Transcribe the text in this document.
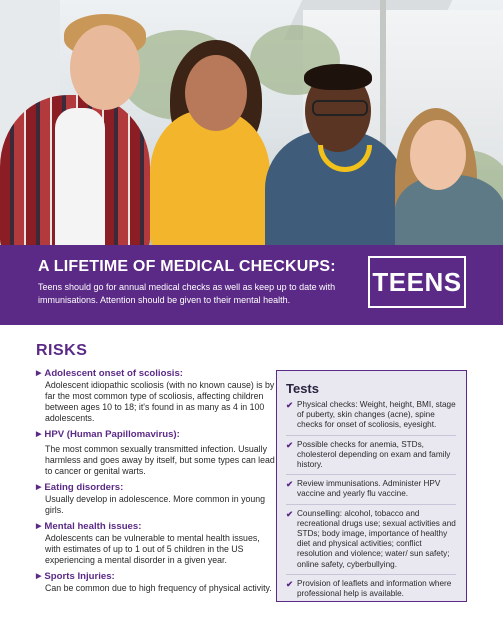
A LIFETIME OF MEDICAL CHECKUPS:

Teens should go for annual medical checks as well as keep up to date with immunisations. Attention should be given to their mental health.

TEENS
RISKS
▶ Adolescent onset of scoliosis:
Adolescent idiopathic scoliosis (with no known cause) is by far the most common type of scoliosis, affecting children between ages 10 to 18; it's found in as many as 4 in 100 adolescents.
▶ HPV (Human Papillomavirus):
The most common sexually transmitted infection. Usually harmless and goes away by itself, but some types can lead to cancer or genital warts.
▶ Eating disorders:
Usually develop in adolescence. More common in young girls.
▶ Mental health issues:
Adolescents can be vulnerable to mental health issues, with estimates of up to 1 out of 5 children in the US experiencing a mental disorder in a given year.
▶ Sports Injuries:
Can be common due to high frequency of physical activity.
Tests
✔ Physical checks: Weight, height, BMI, stage of puberty, skin changes (acne), spine checks for onset of scoliosis, eyesight.
✔ Possible checks for anemia, STDs, cholesterol depending on exam and family history.
✔ Review immunisations. Administer HPV vaccine and yearly flu vaccine.
✔ Counselling: alcohol, tobacco and recreational drugs use; sexual activities and STDs; body image, importance of healthy diet and physical activities; conflict resolution and violence; water/ sun safety; online safety, cyberbullying.
✔ Provision of leaflets and information where professional help is available.
